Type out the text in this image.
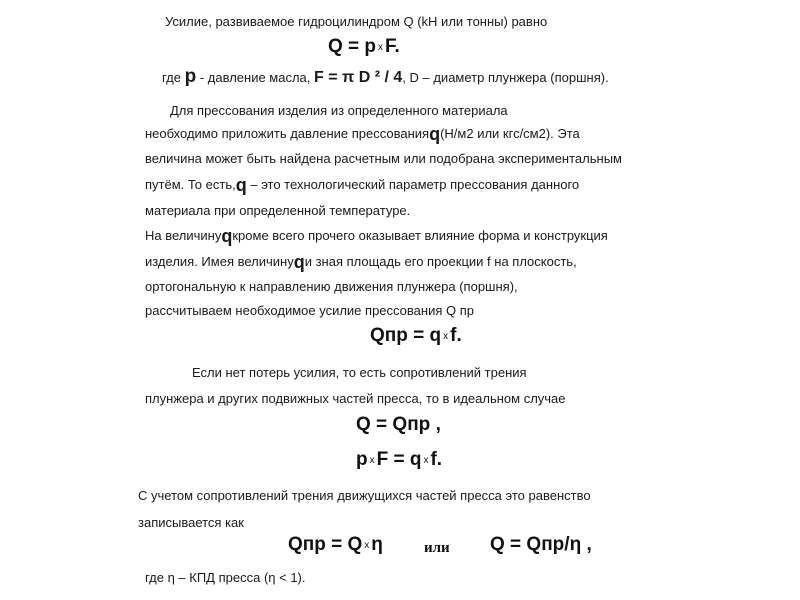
Усилие, развиваемое гидроцилиндром Q (kH или тонны) равно
Q = p x F.
где p - давление масла, F = π D ² / 4, D – диаметр плунжера (поршня).
Для прессования изделия из определенного материала
необходимо приложить давление прессованияq(Н/м2 или кгс/см2). Эта
величина может быть найдена расчетным или подобрана экспериментальным
путём. То есть,q – это технологический параметр прессования данного
материала при определенной температуре.
На величинуqкроме всего прочего оказывает влияние форма и конструкция
изделия. Имея величинуqи зная площадь его проекции f на плоскость,
ортогональную к направлению движения плунжера (поршня),
рассчитываем необходимое усилие прессования Q пр
Qпр = q x f.
Если нет потерь усилия, то есть сопротивлений трения
плунжера и других подвижных частей пресса, то в идеальном случае
Q = Qпр ,
px F = q x f.
С учетом сопротивлений трения движущихся частей пресса это равенство
записывается как
Qпр = Q x η	или Q = Qпр/η ,
где η – КПД пресса (η < 1).
